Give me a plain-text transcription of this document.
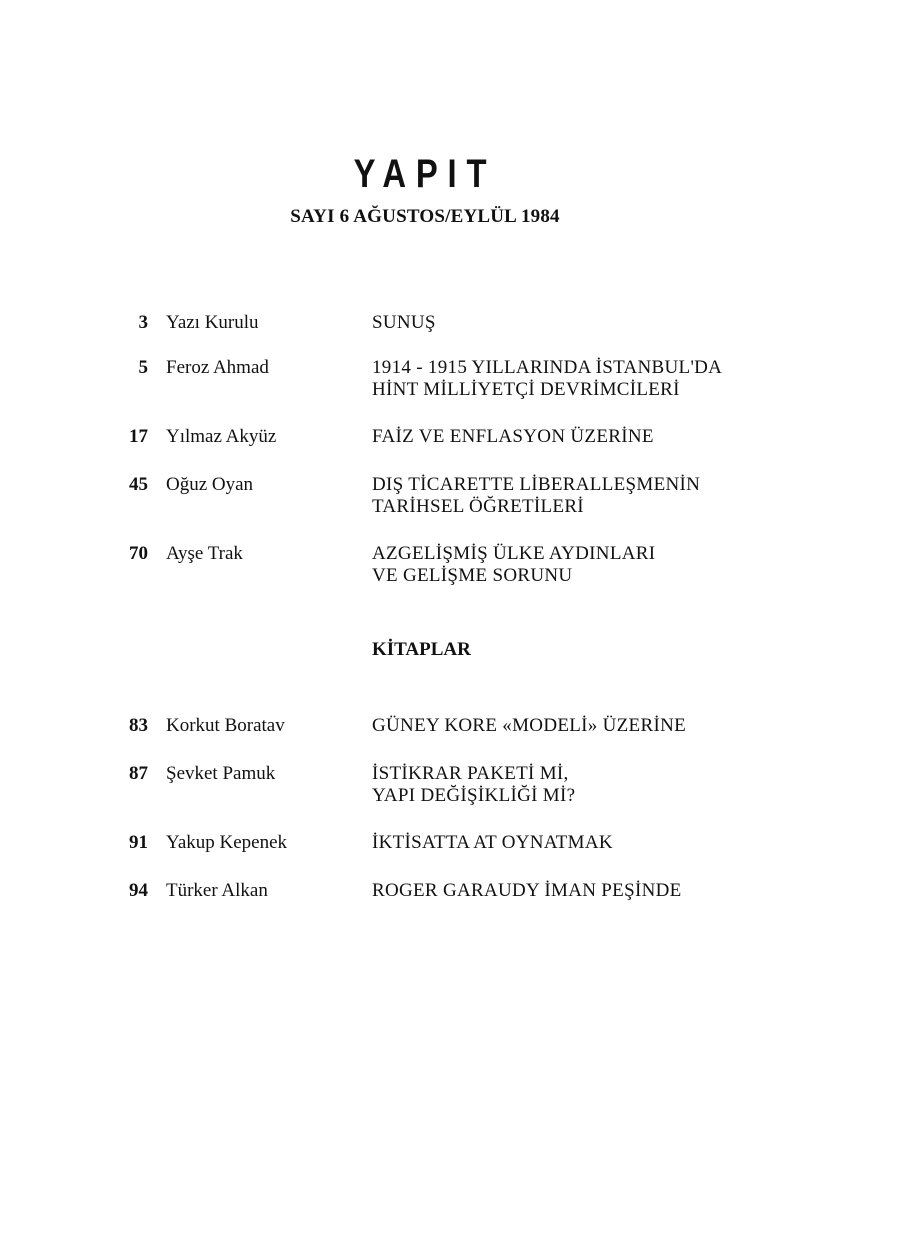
YAPIT
SAYI 6 AĞUSTOS/EYLÜL 1984
3 Yazı Kurulu	SUNUŞ
5 Feroz Ahmad	1914 - 1915 YILLARINDA İSTANBUL'DA
HİNT MİLLİYETÇİ DEVRİMCİLERİ
17 Yılmaz Akyüz	FAİZ VE ENFLASYON ÜZERİNE
45 Oğuz Oyan	DIŞ TİCARETTE LİBERALLEŞMENİN
TARİHSEL ÖĞRETİLERİ
70 Ayşe Trak	AZGELİŞMİŞ ÜLKE AYDINLARI
VE GELİŞME SORUNU
KİTAPLAR
83 Korkut Boratav	GÜNEY KORE «MODELİ» ÜZERİNE
87 Şevket Pamuk	İSTİKRAR PAKETİ Mİ,
YAPI DEĞİŞİKLİĞİ Mİ?
91 Yakup Kepenek	İKTİSATTA AT OYNATMAK
94 Türker Alkan	ROGER GARAUDY İMAN PEŞİNDE
